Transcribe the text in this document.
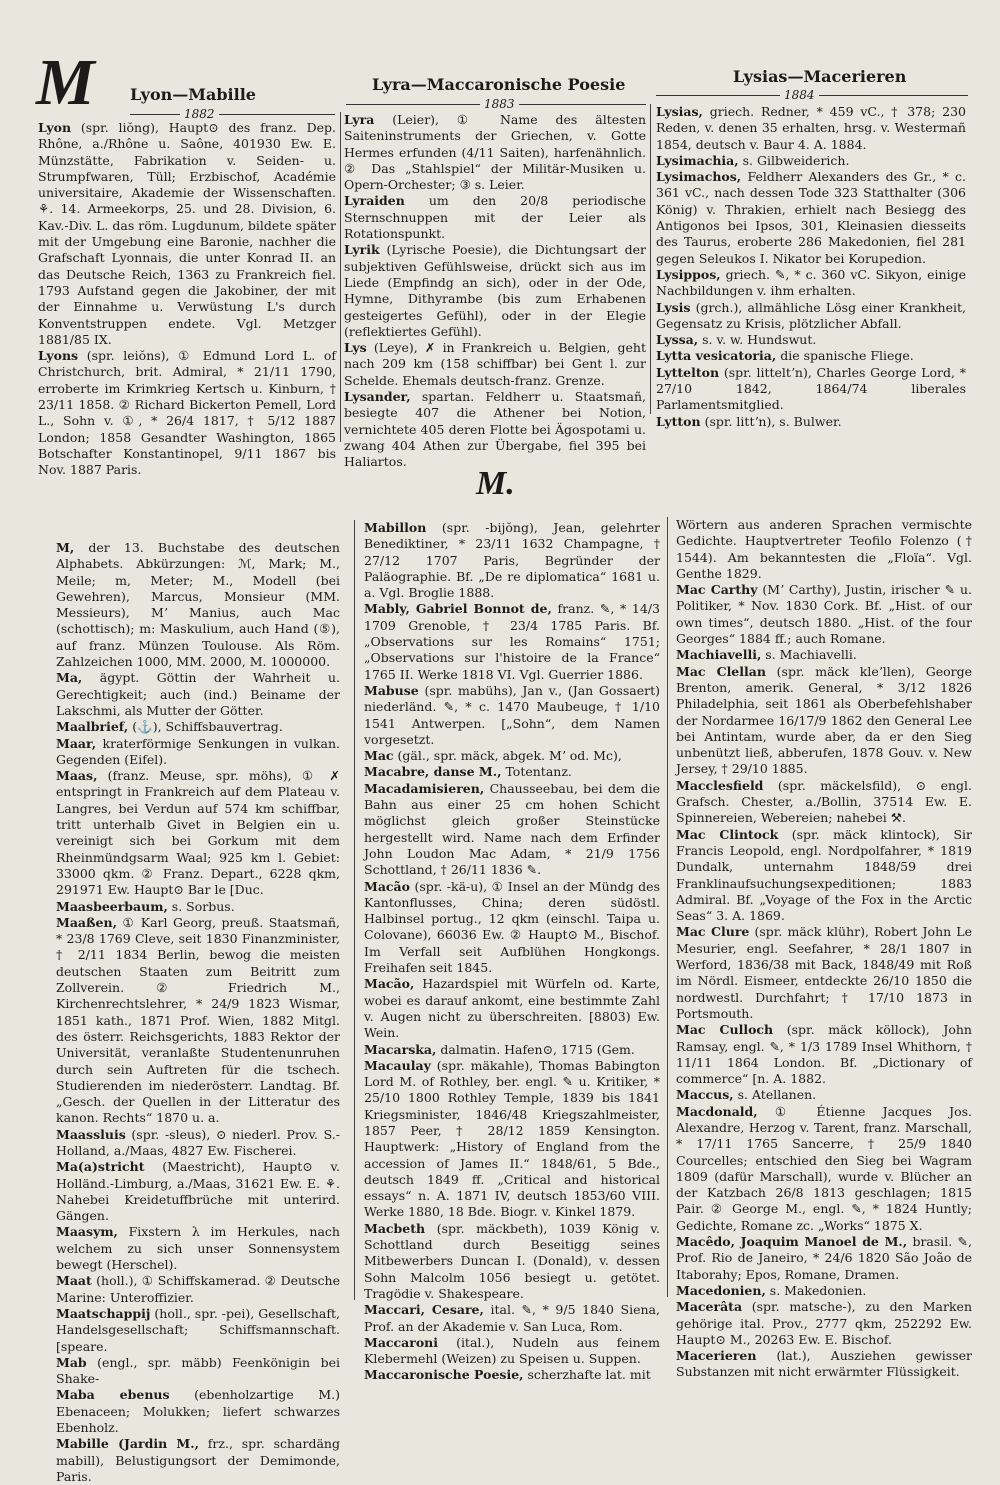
M Lyon—Mabille
Lyra—Maccaronische Poesie	Lysias—Macerieren
1882
1883
1884

Lyon (spr. liŏng), Haupt⊙ des franz. Dep. Rhône, a./Rhône u. Saône, 401930 Ew. E. Münzstätte, Fabrikation v. Seiden- u. Strumpfwaren, Tüll; Erzbischof, Académie universitaire, Akademie der Wissenschaften. ⚘. 14. Armeekorps, 25. und 28. Division, 6. Kav.-Div. L. das röm. Lugdunum, bildete später mit der Umgebung eine Baronie, nachher die Grafschaft Lyonnais, die unter Konrad II. an das Deutsche Reich, 1363 zu Frankreich fiel. 1793 Aufstand gegen die Jakobiner, der mit der Einnahme u. Verwüstung L's durch Konventstruppen endete. Vgl. Metzger 1881/85 IX.

Lyons (spr. leiŏns), ① Edmund Lord L. of Christchurch, brit. Admiral, * 21/11 1790, erroberte im Krimkrieg Kertsch u. Kinburn, † 23/11 1858. ② Richard Bickerton Pemell, Lord L., Sohn v. ①, * 26/4 1817, † 5/12 1887 London; 1858 Gesandter Washington, 1865 Botschafter Konstantinopel, 9/11 1867 bis Nov. 1887 Paris.

Lyra (Leier), ① Name des ältesten Saiteninstruments der Griechen, v. Gotte Hermes erfunden (4/11 Saiten), harfenähnlich. ② Das „Stahlspiel“ der Militär-Musiken u. Opern-Orchester; ③ s. Leier.

Lyraiden um den 20/8 periodische Sternschnuppen mit der Leier als Rotationspunkt.

Lyrik (Lyrische Poesie), die Dichtungsart der subjektiven Gefühlsweise, drückt sich aus im Liede (Empfindg an sich), oder in der Ode, Hymne, Dithyrambe (bis zum Erhabenen gesteigertes Gefühl), oder in der Elegie (reflektiertes Gefühl).

Lys (Leye), ✗ in Frankreich u. Belgien, geht nach 209 km (158 schiffbar) bei Gent l. zur Schelde. Ehemals deutsch-franz. Grenze.

Lysander, spartan. Feldherr u. Staatsmañ, besiegte 407 die Athener bei Notion, vernichtete 405 deren Flotte bei Ägospotami u. zwang 404 Athen zur Übergabe, fiel 395 bei Haliartos.

Lysias, griech. Redner, * 459 vC., † 378; 230 Reden, v. denen 35 erhalten, hrsg. v. Westermañ 1854, deutsch v. Baur 4. A. 1884.

Lysimachia, s. Gilbweiderich.

Lysimachos, Feldherr Alexanders des Gr., * c. 361 vC., nach dessen Tode 323 Statthalter (306 König) v. Thrakien, erhielt nach Besiegg des Antigonos bei Ipsos, 301, Kleinasien diesseits des Taurus, eroberte 286 Makedonien, fiel 281 gegen Seleukos I. Nikator bei Korupedion.

Lysippos, griech. ✎, * c. 360 vC. Sikyon, einige Nachbildungen v. ihm erhalten.

Lysis (grch.), allmähliche Lösg einer Krankheit, Gegensatz zu Krisis, plötzlicher Abfall.

Lyssa, s. v. w. Hundswut.

Lytta vesicatoria, die spanische Fliege.

Lyttelton (spr. litteltʼn), Charles George Lord, * 27/10 1842, 1864/74 liberales Parlamentsmitglied.

Lytton (spr. littʼn), s. Bulwer.

M.

M, der 13. Buchstabe des deutschen Alphabets. Abkürzungen: ℳ, Mark; M., Meile; m, Meter; M., Modell (bei Gewehren), Marcus, Monsieur (MM. Messieurs), Mʼ Manius, auch Mac (schottisch); m: Maskulium, auch Hand (⑤), auf franz. Münzen Toulouse. Als Röm. Zahlzeichen 1000, MM. 2000, M. 1000000.

Ma, ägypt. Göttin der Wahrheit u. Gerechtigkeit; auch (ind.) Beiname der Lakschmi, als Mutter der Götter.

Maalbrief, (⚓), Schiffsbauvertrag.

Maar, kraterförmige Senkungen in vulkan. Gegenden (Eifel).

Maas, (franz. Meuse, spr. möhs), ① ✗ entspringt in Frankreich auf dem Plateau v. Langres, bei Verdun auf 574 km schiffbar, tritt unterhalb Givet in Belgien ein u. vereinigt sich bei Gorkum mit dem Rheinmündgsarm Waal; 925 km l. Gebiet: 33000 qkm. ② Franz. Depart., 6228 qkm, 291971 Ew. Haupt⊙ Bar le [Duc.

Maasbeerbaum, s. Sorbus.

Maaßen, ① Karl Georg, preuß. Staatsmañ, * 23/8 1769 Cleve, seit 1830 Finanzminister, † 2/11 1834 Berlin, bewog die meisten deutschen Staaten zum Beitritt zum Zollverein. ② Friedrich M., Kirchenrechtslehrer, * 24/9 1823 Wismar, 1851 kath., 1871 Prof. Wien, 1882 Mitgl. des österr. Reichsgerichts, 1883 Rektor der Universität, veranlaßte Studentenunruhen durch sein Auftreten für die tschech. Studierenden im niederösterr. Landtag. Bf. „Gesch. der Quellen in der Litteratur des kanon. Rechts“ 1870 u. a.

Maassluis (spr. -sleus), ⊙ niederl. Prov. S.-Holland, a./Maas, 4827 Ew. Fischerei.

Ma(a)stricht (Maestricht), Haupt⊙ v. Holländ.-Limburg, a./Maas, 31621 Ew. E. ⚘. Nahebei Kreidetuffbrüche mit unterird. Gängen.

Maasym, Fixstern λ im Herkules, nach welchem zu sich unser Sonnensystem bewegt (Herschel).

Maat (holl.), ① Schiffskamerad. ② Deutsche Marine: Unteroffizier.

Maatschappij (holl., spr. -pei), Gesellschaft, Handelsgesellschaft; Schiffsmannschaft. [speare.

Mab (engl., spr. mäbb) Feenkönigin bei Shake-

Maba ebenus (ebenholzartige M.) Ebenaceen; Molukken; liefert schwarzes Ebenholz.

Mabille (Jardin M., frz., spr. schardäng mabill), Belustigungsort der Demimonde, Paris.

Mabillon (spr. -bijŏng), Jean, gelehrter Benediktiner, * 23/11 1632 Champagne, † 27/12 1707 Paris, Begründer der Paläographie. Bf. „De re diplomatica“ 1681 u. a. Vgl. Broglie 1888.

Mably, Gabriel Bonnot de, franz. ✎, * 14/3 1709 Grenoble, † 23/4 1785 Paris. Bf. „Observations sur les Romains“ 1751; „Observations sur l'histoire de la France“ 1765 II. Werke 1818 VI. Vgl. Guerrier 1886.

Mabuse (spr. mabühs), Jan v., (Jan Gossaert) niederländ. ✎, * c. 1470 Maubeuge, † 1/10 1541 Antwerpen. [„Sohn“, dem Namen vorgesetzt.

Mac (gäl., spr. mäck, abgek. Mʼ od. Mc),

Macabre, danse M., Totentanz.

Macadamisieren, Chausseebau, bei dem die Bahn aus einer 25 cm hohen Schicht möglichst gleich großer Steinstücke hergestellt wird. Name nach dem Erfinder John Loudon Mac Adam, * 21/9 1756 Schottland, † 26/11 1836 ✎.

Macão (spr. -kä-u), ① Insel an der Mündg des Kantonflusses, China; deren südöstl. Halbinsel portug., 12 qkm (einschl. Taipa u. Colovane), 66036 Ew. ② Haupt⊙ M., Bischof. Im Verfall seit Aufblühen Hongkongs. Freihafen seit 1845.

Macão, Hazardspiel mit Würfeln od. Karte, wobei es darauf ankomt, eine bestimmte Zahl v. Augen nicht zu überschreiten. [8803) Ew. Wein.

Macarska, dalmatin. Hafen⊙, 1715 (Gem.

Macaulay (spr. mäkahle), Thomas Babington Lord M. of Rothley, ber. engl. ✎ u. Kritiker, * 25/10 1800 Rothley Temple, 1839 bis 1841 Kriegsminister, 1846/48 Kriegszahlmeister, 1857 Peer, † 28/12 1859 Kensington. Hauptwerk: „History of England from the accession of James II.“ 1848/61, 5 Bde., deutsch 1849 ff. „Critical and historical essays“ n. A. 1871 IV, deutsch 1853/60 VIII. Werke 1880, 18 Bde. Biogr. v. Kinkel 1879.

Macbeth (spr. mäckbeth), 1039 König v. Schottland durch Beseitigg seines Mitbewerbers Duncan I. (Donald), v. dessen Sohn Malcolm 1056 besiegt u. getötet. Tragödie v. Shakespeare.

Maccari, Cesare, ital. ✎, * 9/5 1840 Siena, Prof. an der Akademie v. San Luca, Rom.

Maccaroni (ital.), Nudeln aus feinem Klebermehl (Weizen) zu Speisen u. Suppen.

Maccaronische Poesie, scherzhafte lat. mit

Wörtern aus anderen Sprachen vermischte Gedichte. Hauptvertreter Teofilo Folenzo († 1544). Am bekanntesten die „Floïa“. Vgl. Genthe 1829.

Mac Carthy (Mʼ Carthy), Justin, irischer ✎ u. Politiker, * Nov. 1830 Cork. Bf. „Hist. of our own times“, deutsch 1880. „Hist. of the four Georges“ 1884 ff.; auch Romane.

Machiavelli, s. Machiavelli.

Mac Clellan (spr. mäck kleʼllen), George Brenton, amerik. General, * 3/12 1826 Philadelphia, seit 1861 als Oberbefehlshaber der Nordarmee 16/17/9 1862 den General Lee bei Antintam, wurde aber, da er den Sieg unbenützt ließ, abberufen, 1878 Gouv. v. New Jersey, † 29/10 1885.

Macclesfield (spr. mäckelsfild), ⊙ engl. Grafsch. Chester, a./Bollin, 37514 Ew. E. Spinnereien, Webereien; nahebei ⚒.

Mac Clintock (spr. mäck klintock), Sir Francis Leopold, engl. Nordpolfahrer, * 1819 Dundalk, unternahm 1848/59 drei Franklinaufsuchungsexpeditionen; 1883 Admiral. Bf. „Voyage of the Fox in the Arctic Seas“ 3. A. 1869.

Mac Clure (spr. mäck klühr), Robert John Le Mesurier, engl. Seefahrer, * 28/1 1807 in Werford, 1836/38 mit Back, 1848/49 mit Roß im Nördl. Eismeer, entdeckte 26/10 1850 die nordwestl. Durchfahrt; † 17/10 1873 in Portsmouth.

Mac Culloch (spr. mäck köllock), John Ramsay, engl. ✎, * 1/3 1789 Insel Whithorn, † 11/11 1864 London. Bf. „Dictionary of commerce“ [n. A. 1882.

Maccus, s. Atellanen.

Macdonald, ① Étienne Jacques Jos. Alexandre, Herzog v. Tarent, franz. Marschall, * 17/11 1765 Sancerre, † 25/9 1840 Courcelles; entschied den Sieg bei Wagram 1809 (dafür Marschall), wurde v. Blücher an der Katzbach 26/8 1813 geschlagen; 1815 Pair. ② George M., engl. ✎, * 1824 Huntly; Gedichte, Romane zc. „Works“ 1875 X.

Macêdo, Joaquim Manoel de M., brasil. ✎, Prof. Rio de Janeiro, * 24/6 1820 São João de Itaborahy; Epos, Romane, Dramen.

Macedonien, s. Makedonien.

Macerâta (spr. matsche-), zu den Marken gehörige ital. Prov., 2777 qkm, 252292 Ew. Haupt⊙ M., 20263 Ew. E. Bischof.

Macerieren (lat.), Ausziehen gewisser Substanzen mit nicht erwärmter Flüssigkeit.
